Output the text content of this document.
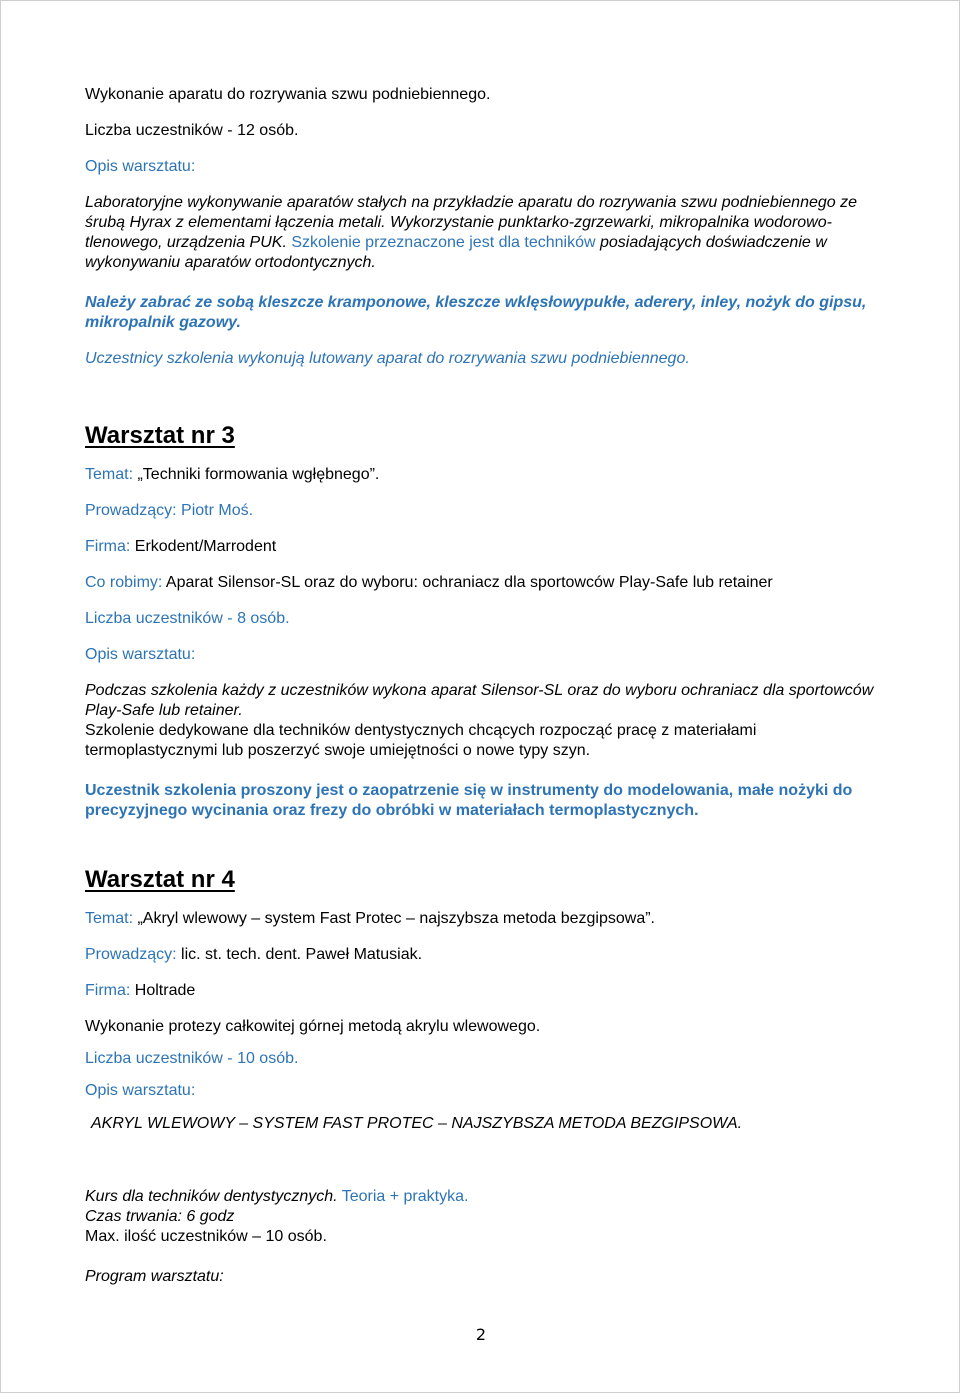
Wykonanie aparatu do rozrywania szwu podniebiennego.

Liczba uczestników - 12 osób.

Opis warsztatu:

Laboratoryjne wykonywanie aparatów stałych na przykładzie aparatu do rozrywania szwu podniebiennego ze śrubą Hyrax z elementami łączenia metali. Wykorzystanie punktarko-zgrzewarki, mikropalnika wodorowo-tlenowego, urządzenia PUK. Szkolenie przeznaczone jest dla techników posiadających doświadczenie w wykonywaniu aparatów ortodontycznych.

Należy zabrać ze sobą kleszcze kramponowe, kleszcze wklęsłowypukłe, aderery, inley, nożyk do gipsu, mikropalnik gazowy.

Uczestnicy szkolenia wykonują lutowany aparat do rozrywania szwu podniebiennego.

Warsztat nr 3

Temat: „Techniki formowania wgłębnego”.

Prowadzący: Piotr Moś.

Firma: Erkodent/Marrodent

Co robimy: Aparat Silensor-SL oraz do wyboru: ochraniacz dla sportowców Play-Safe lub retainer

Liczba uczestników - 8 osób.

Opis warsztatu:

Podczas szkolenia każdy z uczestników wykona aparat Silensor-SL oraz do wyboru ochraniacz dla sportowców Play-Safe lub retainer.

Szkolenie dedykowane dla techników dentystycznych chcących rozpocząć pracę z materiałami termoplastycznymi lub poszerzyć swoje umiejętności o nowe typy szyn.

Uczestnik szkolenia proszony jest o zaopatrzenie się w instrumenty do modelowania, małe nożyki do precyzyjnego wycinania oraz frezy do obróbki w materiałach termoplastycznych.

Warsztat nr 4

Temat: „Akryl wlewowy – system Fast Protec – najszybsza metoda bezgipsowa”.

Prowadzący: lic. st. tech. dent. Paweł Matusiak.

Firma: Holtrade

Wykonanie protezy całkowitej górnej metodą akrylu wlewowego.

Liczba uczestników - 10 osób.

Opis warsztatu:

AKRYL WLEWOWY – SYSTEM FAST PROTEC – NAJSZYBSZA METODA BEZGIPSOWA.

Kurs dla techników dentystycznych. Teoria + praktyka.

Czas trwania: 6 godz

Max. ilość uczestników – 10 osób.

Program warsztatu:

2
